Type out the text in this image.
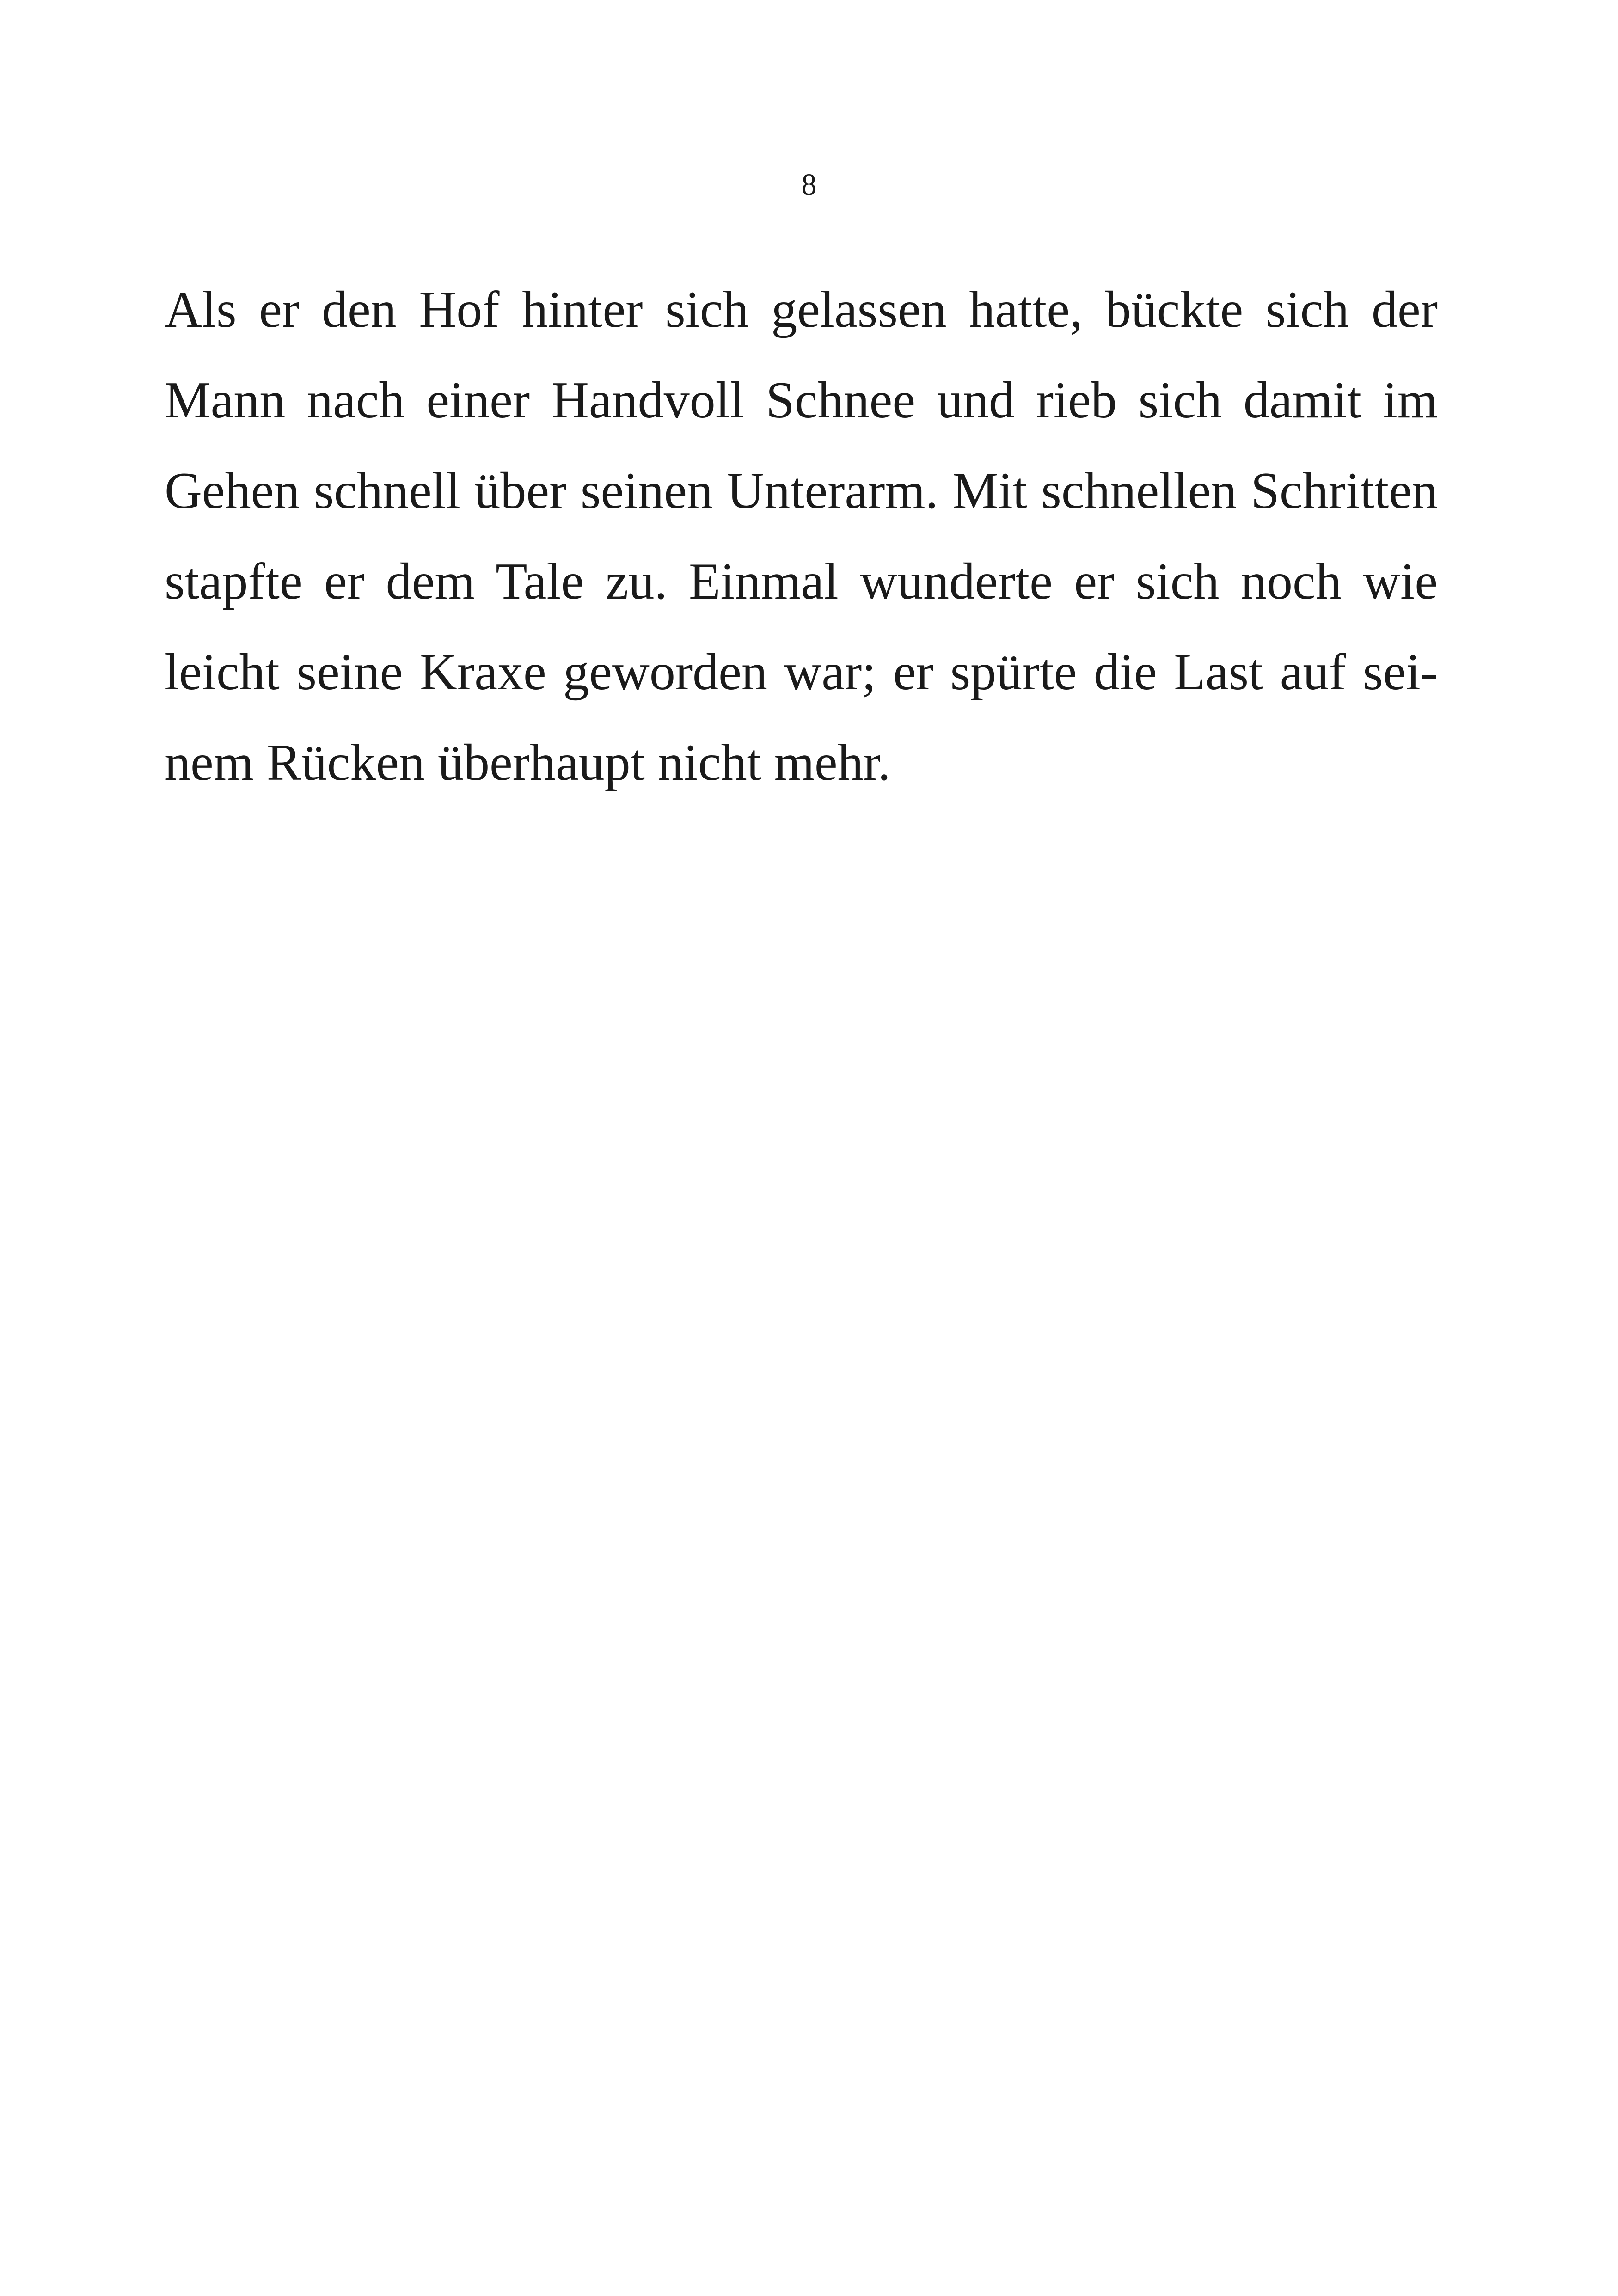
8
Als er den Hof hinter sich gelassen hatte, bückte sich der
Mann nach einer Handvoll Schnee und rieb sich damit im
Gehen schnell über seinen Unterarm. Mit schnellen Schritten
stapfte er dem Tale zu. Einmal wunderte er sich noch wie
leicht seine Kraxe geworden war; er spürte die Last auf sei-
nem Rücken überhaupt nicht mehr.
